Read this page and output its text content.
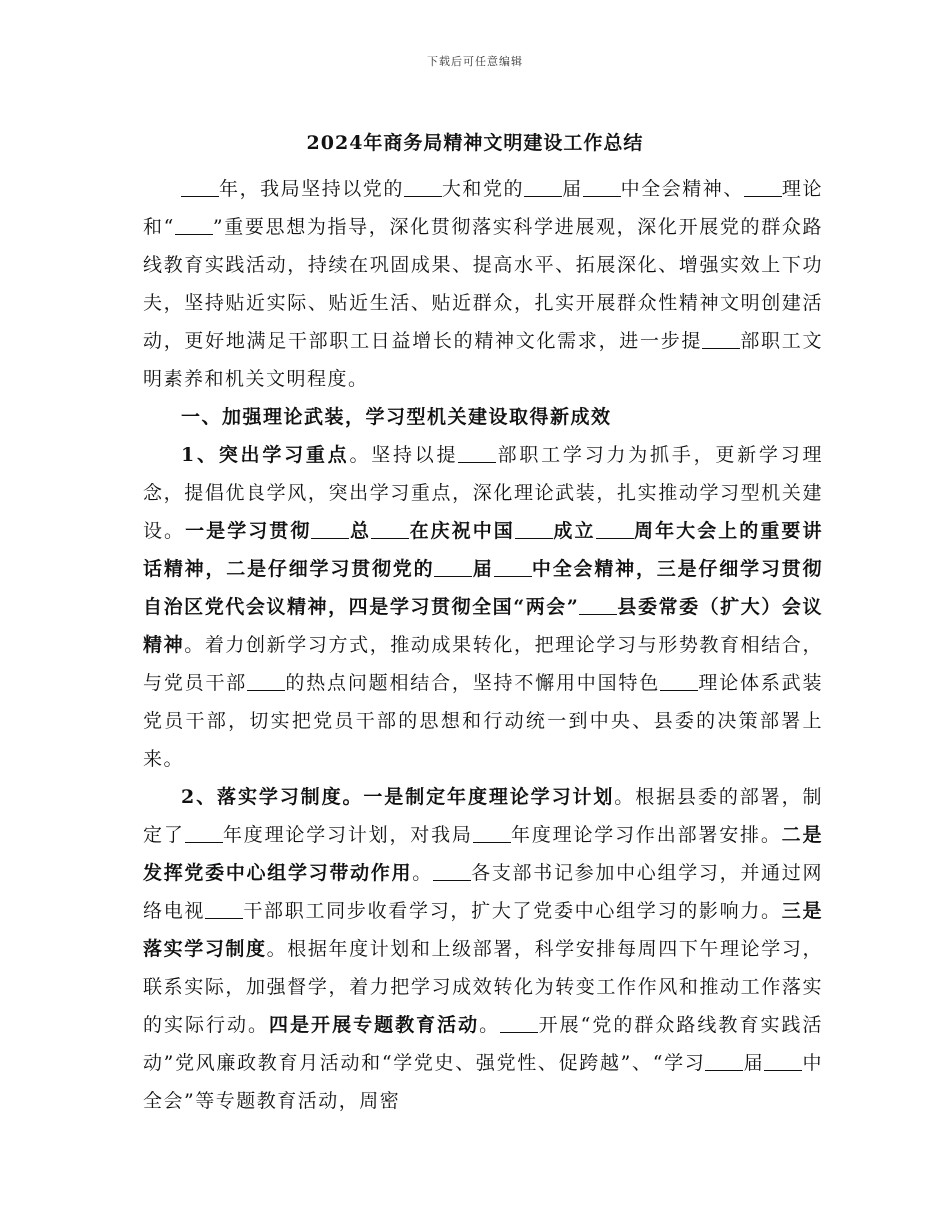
下载后可任意编辑
2024年商务局精神文明建设工作总结

年，我局坚持以党的 大和党的 届 中全会精神、 理论和“ ”重要思想为指导，深化贯彻落实科学进展观，深化开展党的群众路线教育实践活动，持续在巩固成果、提高水平、拓展深化、增强实效上下功夫，坚持贴近实际、贴近生活、贴近群众，扎实开展群众性精神文明创建活动，更好地满足干部职工日益增长的精神文化需求，进一步提 部职工文明素养和机关文明程度。

一、加强理论武装，学习型机关建设取得新成效

1、突出学习重点。坚持以提 部职工学习力为抓手，更新学习理念，提倡优良学风，突出学习重点，深化理论武装，扎实推动学习型机关建设。一是学习贯彻 总 在庆祝中国 成立 周年大会上的重要讲话精神，二是仔细学习贯彻党的 届 中全会精神，三是仔细学习贯彻自治区党代会议精神，四是学习贯彻全国“两会” 县委常委（扩大）会议精神。着力创新学习方式，推动成果转化，把理论学习与形势教育相结合，与党员干部 的热点问题相结合，坚持不懈用中国特色 理论体系武装党员干部，切实把党员干部的思想和行动统一到中央、县委的决策部署上来。

2、落实学习制度。一是制定年度理论学习计划。根据县委的部署，制定了 年度理论学习计划，对我局 年度理论学习作出部署安排。二是发挥党委中心组学习带动作用。 各支部书记参加中心组学习，并通过网络电视 干部职工同步收看学习，扩大了党委中心组学习的影响力。三是落实学习制度。根据年度计划和上级部署，科学安排每周四下午理论学习，联系实际，加强督学，着力把学习成效转化为转变工作作风和推动工作落实的实际行动。四是开展专题教育活动。 开展“党的群众路线教育实践活动”党风廉政教育月活动和“学党史、强党性、促跨越”、“学习 届 中全会”等专题教育活动，周密
